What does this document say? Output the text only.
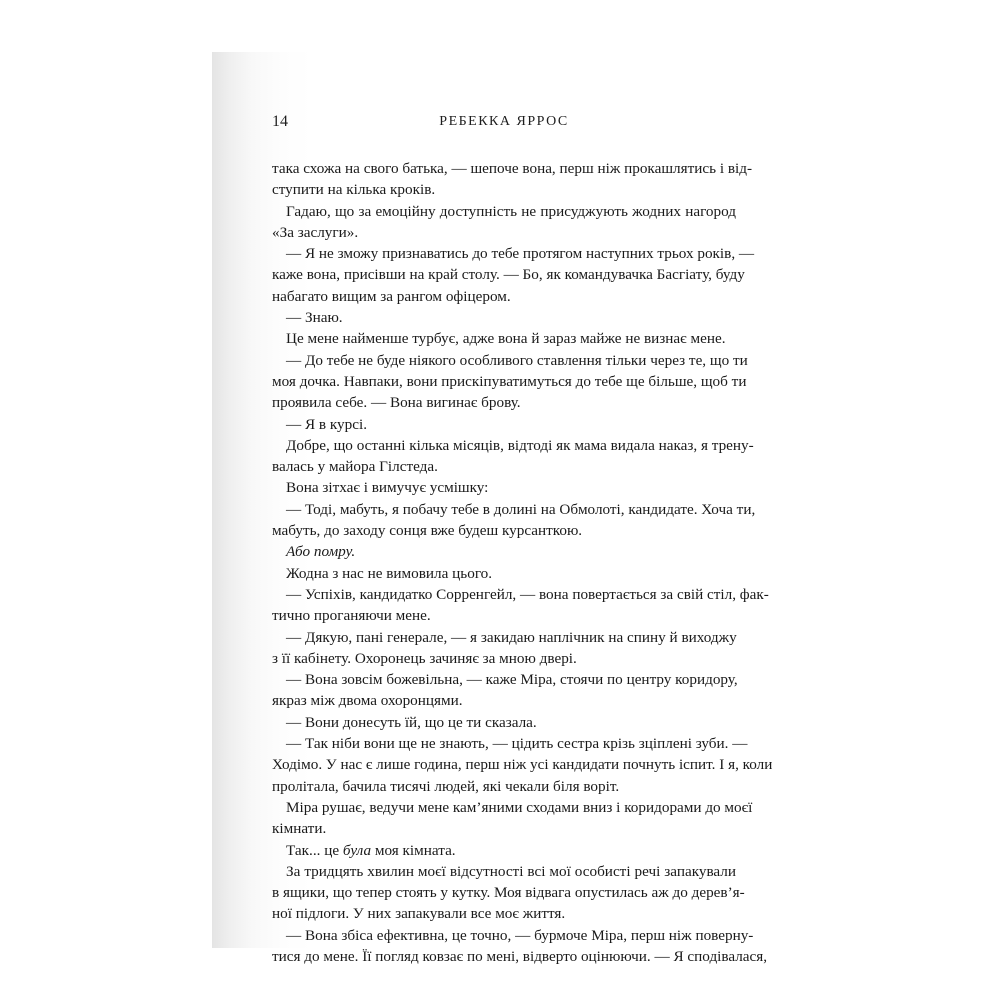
14	РЕБЕККА ЯРРОС
така схожа на свого батька, — шепоче вона, перш ніж прокашлятись і від-
ступити на кілька кроків.
Гадаю, що за емоційну доступність не присуджують жодних нагород
«За заслуги».
— Я не зможу признаватись до тебе протягом наступних трьох років, —
каже вона, присівши на край столу. — Бо, як командувачка Басгіату, буду
набагато вищим за рангом офіцером.
— Знаю.
Це мене найменше турбує, адже вона й зараз майже не визнає мене.
— До тебе не буде ніякого особливого ставлення тільки через те, що ти
моя дочка. Навпаки, вони прискіпуватимуться до тебе ще більше, щоб ти
проявила себе. — Вона вигинає брову.
— Я в курсі.
Добре, що останні кілька місяців, відтоді як мама видала наказ, я трену-
валась у майора Гілстеда.
Вона зітхає і вимучує усмішку:
— Тоді, мабуть, я побачу тебе в долині на Обмолоті, кандидате. Хоча ти,
мабуть, до заходу сонця вже будеш курсанткою.
Або помру.
Жодна з нас не вимовила цього.
— Успіхів, кандидатко Сорренгейл, — вона повертається за свій стіл, фак-
тично проганяючи мене.
— Дякую, пані генерале, — я закидаю наплічник на спину й виходжу
з її кабінету. Охоронець зачиняє за мною двері.
— Вона зовсім божевільна, — каже Міра, стоячи по центру коридору,
якраз між двома охоронцями.
— Вони донесуть їй, що це ти сказала.
— Так ніби вони ще не знають, — цідить сестра крізь зціплені зуби. —
Ходімо. У нас є лише година, перш ніж усі кандидати почнуть іспит. І я, коли
пролітала, бачила тисячі людей, які чекали біля воріт.
Міра рушає, ведучи мене кам’яними сходами вниз і коридорами до моєї
кімнати.
Так... це була моя кімната.
За тридцять хвилин моєї відсутності всі мої особисті речі запакували
в ящики, що тепер стоять у кутку. Моя відвага опустилась аж до дерев’я-
ної підлоги. У них запакували все моє життя.
— Вона збіса ефективна, це точно, — бурмоче Міра, перш ніж поверну-
тися до мене. Її погляд ковзає по мені, відверто оцінюючи. — Я сподівалася,
